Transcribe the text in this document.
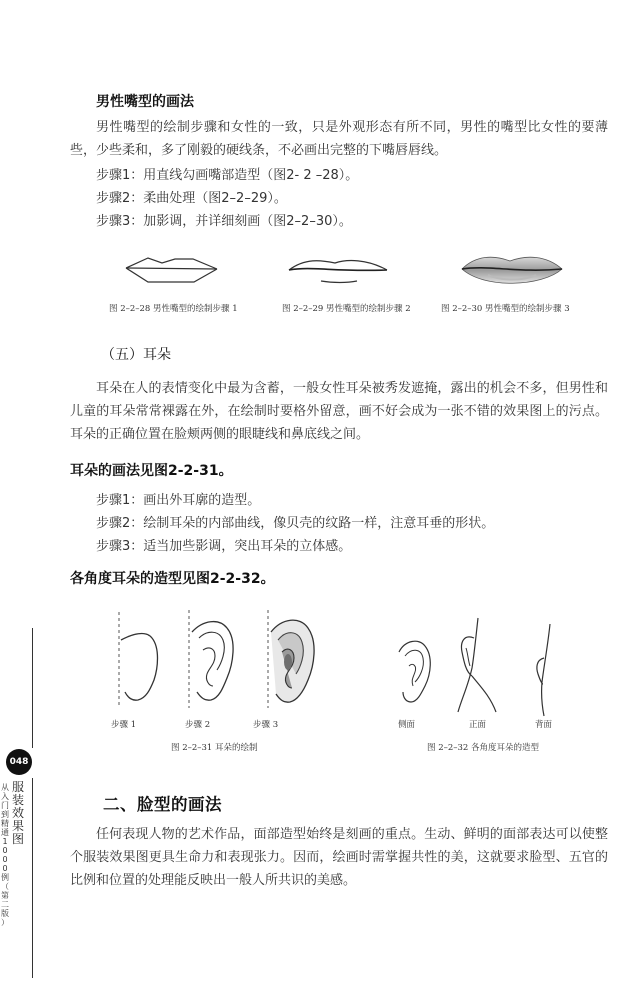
男性嘴型的画法
男性嘴型的绘制步骤和女性的一致，只是外观形态有所不同，男性的嘴型比女性的要薄些，少些柔和，多了刚毅的硬线条，不必画出完整的下嘴唇唇线。
步骤1：用直线勾画嘴部造型（图2- 2 –28）。
步骤2：柔曲处理（图2–2–29）。
步骤3：加影调，并详细刻画（图2–2–30）。
图 2–2–28 男性嘴型的绘制步骤 1	图 2–2–29 男性嘴型的绘制步骤 2	图 2–2–30 男性嘴型的绘制步骤 3
（五）耳朵
耳朵在人的表情变化中最为含蓄，一般女性耳朵被秀发遮掩，露出的机会不多，但男性和儿童的耳朵常常裸露在外，在绘制时要格外留意，画不好会成为一张不错的效果图上的污点。耳朵的正确位置在脸颊两侧的眼睫线和鼻底线之间。
耳朵的画法见图2-2-31。
步骤1：画出外耳廓的造型。
步骤2：绘制耳朵的内部曲线，像贝壳的纹路一样，注意耳垂的形状。
步骤3：适当加些影调，突出耳朵的立体感。
各角度耳朵的造型见图2-2-32。
步骤 1	步骤 2	步骤 3	侧面	正面	背面
图 2–2–31 耳朵的绘制	图 2–2–32 各角度耳朵的造型
二、脸型的画法
任何表现人物的艺术作品，面部造型始终是刻画的重点。生动、鲜明的面部表达可以使整个服装效果图更具生命力和表现张力。因而，绘画时需掌握共性的美，这就要求脸型、五官的比例和位置的处理能反映出一般人所共识的美感。
048
服
装
效
果
图
从
入
门
到
精
通
1
0
0
0
例
（
第
二
版
）
